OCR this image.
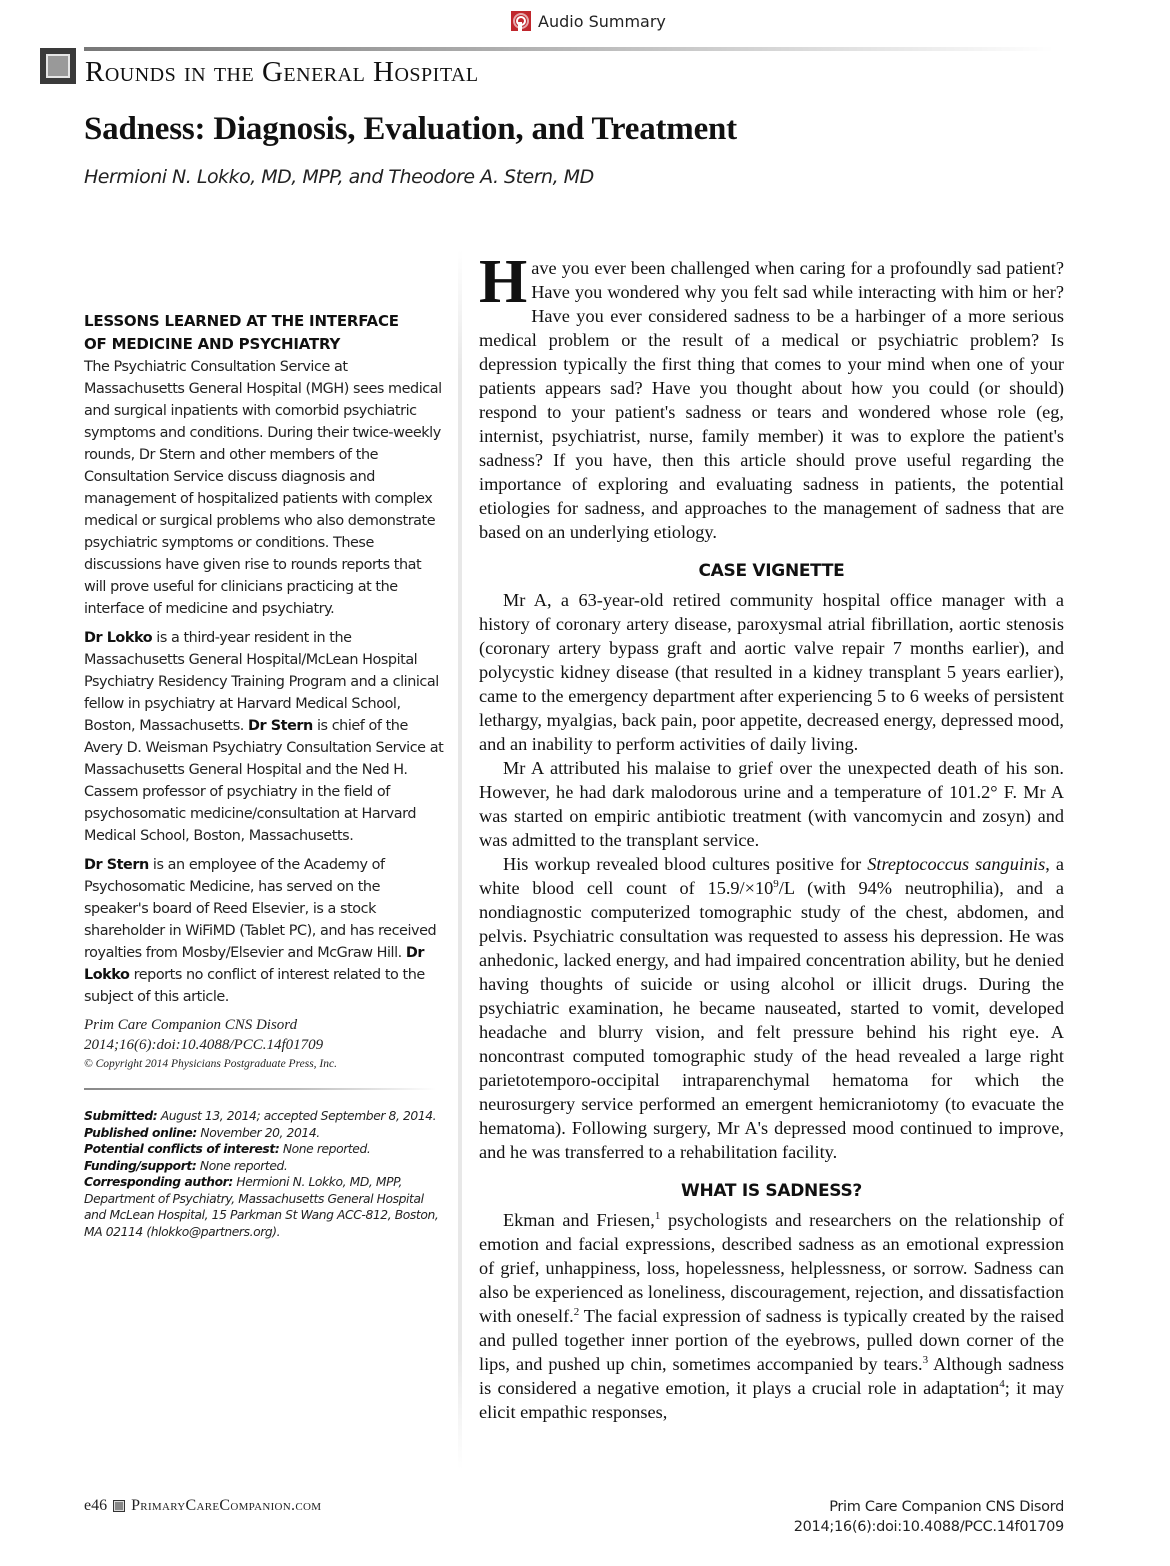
Audio Summary
Rounds in the General Hospital
Sadness: Diagnosis, Evaluation, and Treatment
Hermioni N. Lokko, MD, MPP, and Theodore A. Stern, MD
LESSONS LEARNED AT THE INTERFACE
OF MEDICINE AND PSYCHIATRY

The Psychiatric Consultation Service at Massachusetts General Hospital (MGH) sees medical and surgical inpatients with comorbid psychiatric symptoms and conditions. During their twice-weekly rounds, Dr Stern and other members of the Consultation Service discuss diagnosis and management of hospitalized patients with complex medical or surgical problems who also demonstrate psychiatric symptoms or conditions. These discussions have given rise to rounds reports that will prove useful for clinicians practicing at the interface of medicine and psychiatry.

Dr Lokko is a third-year resident in the Massachusetts General Hospital/McLean Hospital Psychiatry Residency Training Program and a clinical fellow in psychiatry at Harvard Medical School, Boston, Massachusetts. Dr Stern is chief of the Avery D. Weisman Psychiatry Consultation Service at Massachusetts General Hospital and the Ned H. Cassem professor of psychiatry in the field of psychosomatic medicine/consultation at Harvard Medical School, Boston, Massachusetts.

Dr Stern is an employee of the Academy of Psychosomatic Medicine, has served on the speaker's board of Reed Elsevier, is a stock shareholder in WiFiMD (Tablet PC), and has received royalties from Mosby/Elsevier and McGraw Hill. Dr Lokko reports no conflict of interest related to the subject of this article.

Prim Care Companion CNS Disord
2014;16(6):doi:10.4088/PCC.14f01709
© Copyright 2014 Physicians Postgraduate Press, Inc.
Submitted: August 13, 2014; accepted September 8, 2014.
Published online: November 20, 2014.
Potential conflicts of interest: None reported.
Funding/support: None reported.
Corresponding author: Hermioni N. Lokko, MD, MPP, Department of Psychiatry, Massachusetts General Hospital and McLean Hospital, 15 Parkman St Wang ACC-812, Boston, MA 02114 (hlokko@partners.org).

Have you ever been challenged when caring for a profoundly sad patient? Have you wondered why you felt sad while interacting with him or her? Have you ever considered sadness to be a harbinger of a more serious medical problem or the result of a medical or psychiatric problem? Is depression typically the first thing that comes to your mind when one of your patients appears sad? Have you thought about how you could (or should) respond to your patient's sadness or tears and wondered whose role (eg, internist, psychiatrist, nurse, family member) it was to explore the patient's sadness? If you have, then this article should prove useful regarding the importance of exploring and evaluating sadness in patients, the potential etiologies for sadness, and approaches to the management of sadness that are based on an underlying etiology.

CASE VIGNETTE

Mr A, a 63-year-old retired community hospital office manager with a history of coronary artery disease, paroxysmal atrial fibrillation, aortic stenosis (coronary artery bypass graft and aortic valve repair 7 months earlier), and polycystic kidney disease (that resulted in a kidney transplant 5 years earlier), came to the emergency department after experiencing 5 to 6 weeks of persistent lethargy, myalgias, back pain, poor appetite, decreased energy, depressed mood, and an inability to perform activities of daily living.

Mr A attributed his malaise to grief over the unexpected death of his son. However, he had dark malodorous urine and a temperature of 101.2° F. Mr A was started on empiric antibiotic treatment (with vancomycin and zosyn) and was admitted to the transplant service.

His workup revealed blood cultures positive for Streptococcus sanguinis, a white blood cell count of $15.9/\times 10^9/L$ (with 94% neutrophilia), and a nondiagnostic computerized tomographic study of the chest, abdomen, and pelvis. Psychiatric consultation was requested to assess his depression. He was anhedonic, lacked energy, and had impaired concentration ability, but he denied having thoughts of suicide or using alcohol or illicit drugs. During the psychiatric examination, he became nauseated, started to vomit, developed headache and blurry vision, and felt pressure behind his right eye. A noncontrast computed tomographic study of the head revealed a large right parietotemporo-occipital intraparenchymal hematoma for which the neurosurgery service performed an emergent hemicraniotomy (to evacuate the hematoma). Following surgery, Mr A's depressed mood continued to improve, and he was transferred to a rehabilitation facility.

WHAT IS SADNESS?

Ekman and Friesen,$^1$ psychologists and researchers on the relationship of emotion and facial expressions, described sadness as an emotional expression of grief, unhappiness, loss, hopelessness, helplessness, or sorrow. Sadness can also be experienced as loneliness, discouragement, rejection, and dissatisfaction with oneself.$^2$ The facial expression of sadness is typically created by the raised and pulled together inner portion of the eyebrows, pulled down corner of the lips, and pushed up chin, sometimes accompanied by tears.$^3$ Although sadness is considered a negative emotion, it plays a crucial role in adaptation$^4$; it may elicit empathic responses,

e46 PrimaryCareCompanion.com	Prim Care Companion CNS Disord
2014;16(6):doi:10.4088/PCC.14f01709
